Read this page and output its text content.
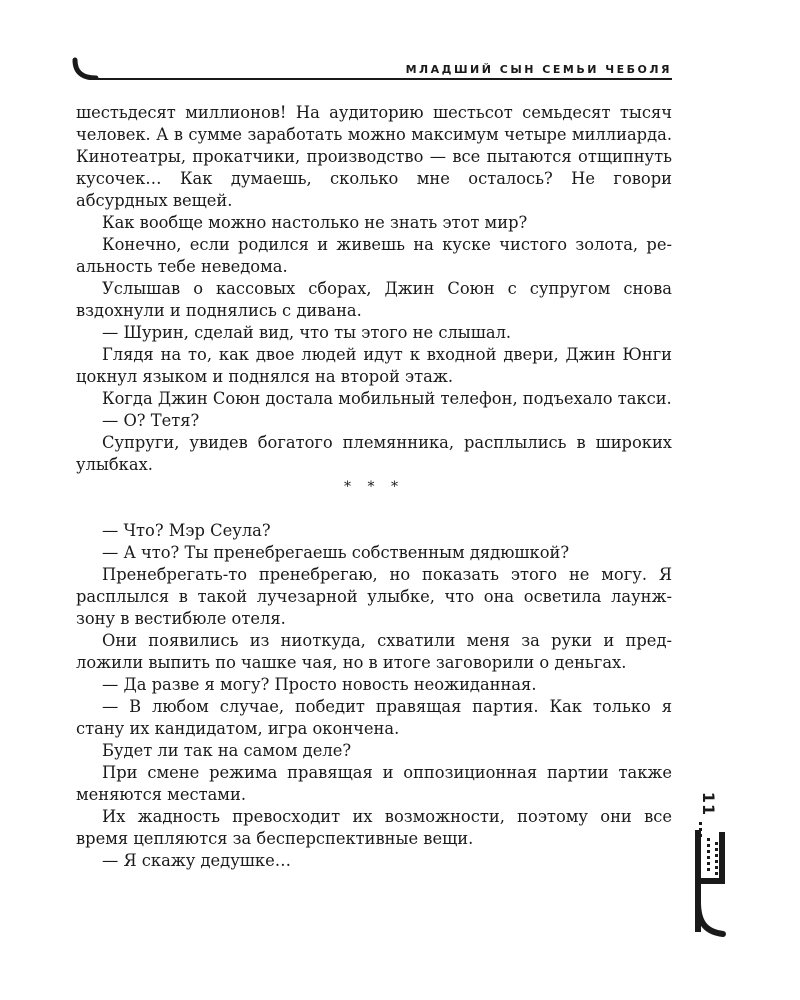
МЛАДШИЙ СЫН СЕМЬИ ЧЕБОЛЯ

шестьдесят миллионов! На аудиторию шестьсот семьдесят тысяч человек. А в сумме заработать можно максимум четыре миллиарда. Кинотеатры, прокатчики, производство — все пытаются отщипнуть кусочек… Как думаешь, сколько мне осталось? Не говори абсурдных вещей.

Как вообще можно настолько не знать этот мир?

Конечно, если родился и живешь на куске чистого золота, реальность тебе неведома.

Услышав о кассовых сборах, Джин Союн с супругом снова вздохнули и поднялись с дивана.

— Шурин, сделай вид, что ты этого не слышал.

Глядя на то, как двое людей идут к входной двери, Джин Юнги цокнул языком и поднялся на второй этаж.

Когда Джин Союн достала мобильный телефон, подъехало такси.

— О? Тетя?

Супруги, увидев богатого племянника, расплылись в широких улыбках.

* * *

— Что? Мэр Сеула?

— А что? Ты пренебрегаешь собственным дядюшкой?

Пренебрегать-то пренебрегаю, но показать этого не могу. Я расплылся в такой лучезарной улыбке, что она осветила лаунж-зону в вестибюле отеля.

Они появились из ниоткуда, схватили меня за руки и предложили выпить по чашке чая, но в итоге заговорили о деньгах.

— Да разве я могу? Просто новость неожиданная.

— В любом случае, победит правящая партия. Как только я стану их кандидатом, игра окончена.

Будет ли так на самом деле?

При смене режима правящая и оппозиционная партии также меняются местами.

Их жадность превосходит их возможности, поэтому они все время цепляются за бесперспективные вещи.

— Я скажу дедушке…

11
